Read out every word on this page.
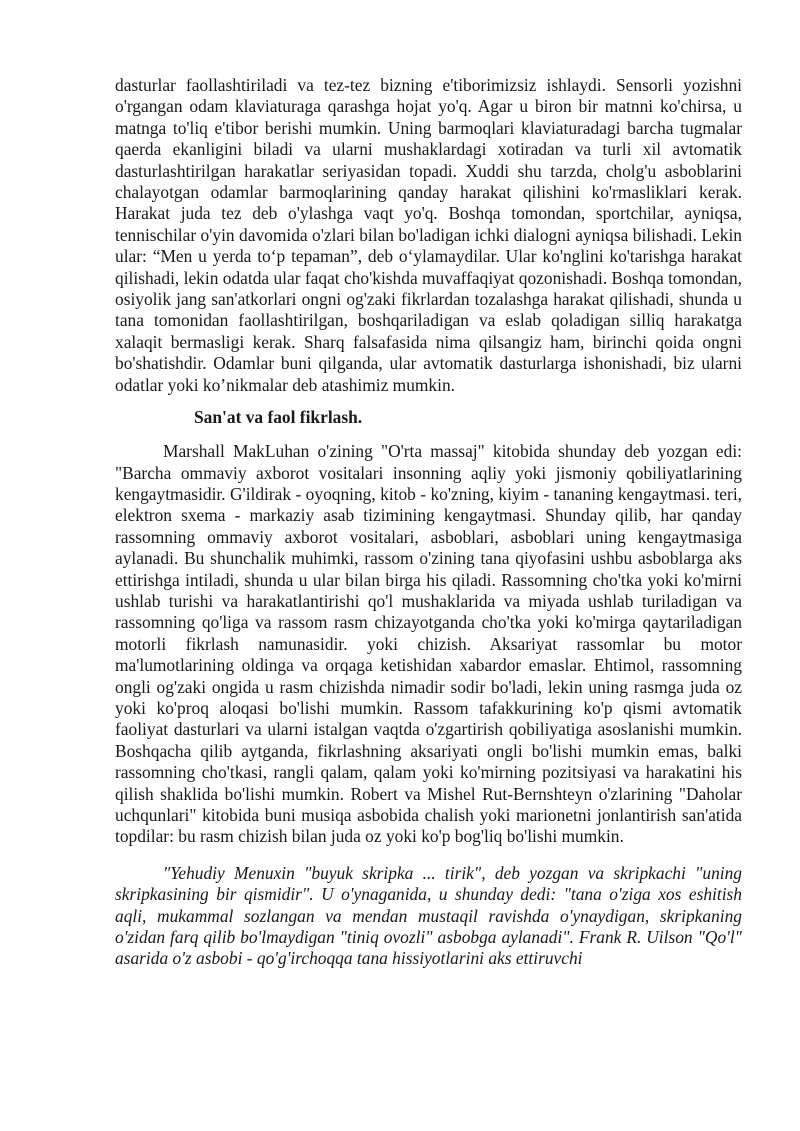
dasturlar faollashtiriladi va tez-tez bizning e'tiborimizsiz ishlaydi. Sensorli yozishni o'rgangan odam klaviaturaga qarashga hojat yo'q. Agar u biron bir matnni ko'chirsa, u matnga to'liq e'tibor berishi mumkin. Uning barmoqlari klaviaturadagi barcha tugmalar qaerda ekanligini biladi va ularni mushaklardagi xotiradan va turli xil avtomatik dasturlashtirilgan harakatlar seriyasidan topadi. Xuddi shu tarzda, cholg'u asboblarini chalayotgan odamlar barmoqlarining qanday harakat qilishini ko'rmasliklari kerak. Harakat juda tez deb o'ylashga vaqt yo'q. Boshqa tomondan, sportchilar, ayniqsa, tennischilar o'yin davomida o'zlari bilan bo'ladigan ichki dialogni ayniqsa bilishadi. Lekin ular: “Men u yerda to‘p tepaman”, deb o‘ylamaydilar. Ular ko'nglini ko'tarishga harakat qilishadi, lekin odatda ular faqat cho'kishda muvaffaqiyat qozonishadi. Boshqa tomondan, osiyolik jang san'atkorlari ongni og'zaki fikrlardan tozalashga harakat qilishadi, shunda u tana tomonidan faollashtirilgan, boshqariladigan va eslab qoladigan silliq harakatga xalaqit bermasligi kerak. Sharq falsafasida nima qilsangiz ham, birinchi qoida ongni bo'shatishdir. Odamlar buni qilganda, ular avtomatik dasturlarga ishonishadi, biz ularni odatlar yoki ko’nikmalar deb atashimiz mumkin.

San'at va faol fikrlash.

Marshall MakLuhan o'zining "O'rta massaj" kitobida shunday deb yozgan edi: "Barcha ommaviy axborot vositalari insonning aqliy yoki jismoniy qobiliyatlarining kengaytmasidir. G'ildirak - oyoqning, kitob - ko'zning, kiyim - tananing kengaytmasi. teri, elektron sxema - markaziy asab tizimining kengaytmasi. Shunday qilib, har qanday rassomning ommaviy axborot vositalari, asboblari, asboblari uning kengaytmasiga aylanadi. Bu shunchalik muhimki, rassom o'zining tana qiyofasini ushbu asboblarga aks ettirishga intiladi, shunda u ular bilan birga his qiladi. Rassomning cho'tka yoki ko'mirni ushlab turishi va harakatlantirishi qo'l mushaklarida va miyada ushlab turiladigan va rassomning qo'liga va rassom rasm chizayotganda cho'tka yoki ko'mirga qaytariladigan motorli fikrlash namunasidir. yoki chizish. Aksariyat rassomlar bu motor ma'lumotlarining oldinga va orqaga ketishidan xabardor emaslar. Ehtimol, rassomning ongli og'zaki ongida u rasm chizishda nimadir sodir bo'ladi, lekin uning rasmga juda oz yoki ko'proq aloqasi bo'lishi mumkin. Rassom tafakkurining ko'p qismi avtomatik faoliyat dasturlari va ularni istalgan vaqtda o'zgartirish qobiliyatiga asoslanishi mumkin. Boshqacha qilib aytganda, fikrlashning aksariyati ongli bo'lishi mumkin emas, balki rassomning cho'tkasi, rangli qalam, qalam yoki ko'mirning pozitsiyasi va harakatini his qilish shaklida bo'lishi mumkin. Robert va Mishel Rut-Bernshteyn o'zlarining "Daholar uchqunlari" kitobida buni musiqa asbobida chalish yoki marionetni jonlantirish san'atida topdilar: bu rasm chizish bilan juda oz yoki ko'p bog'liq bo'lishi mumkin.

"Yehudiy Menuxin "buyuk skripka ... tirik", deb yozgan va skripkachi "uning skripkasining bir qismidir". U o'ynaganida, u shunday dedi: "tana o'ziga xos eshitish aqli, mukammal sozlangan va mendan mustaqil ravishda o'ynaydigan, skripkaning o'zidan farq qilib bo'lmaydigan "tiniq ovozli" asbobga aylanadi". Frank R. Uilson "Qo'l" asarida o'z asbobi - qo'g'irchoqqa tana hissiyotlarini aks ettiruvchi
